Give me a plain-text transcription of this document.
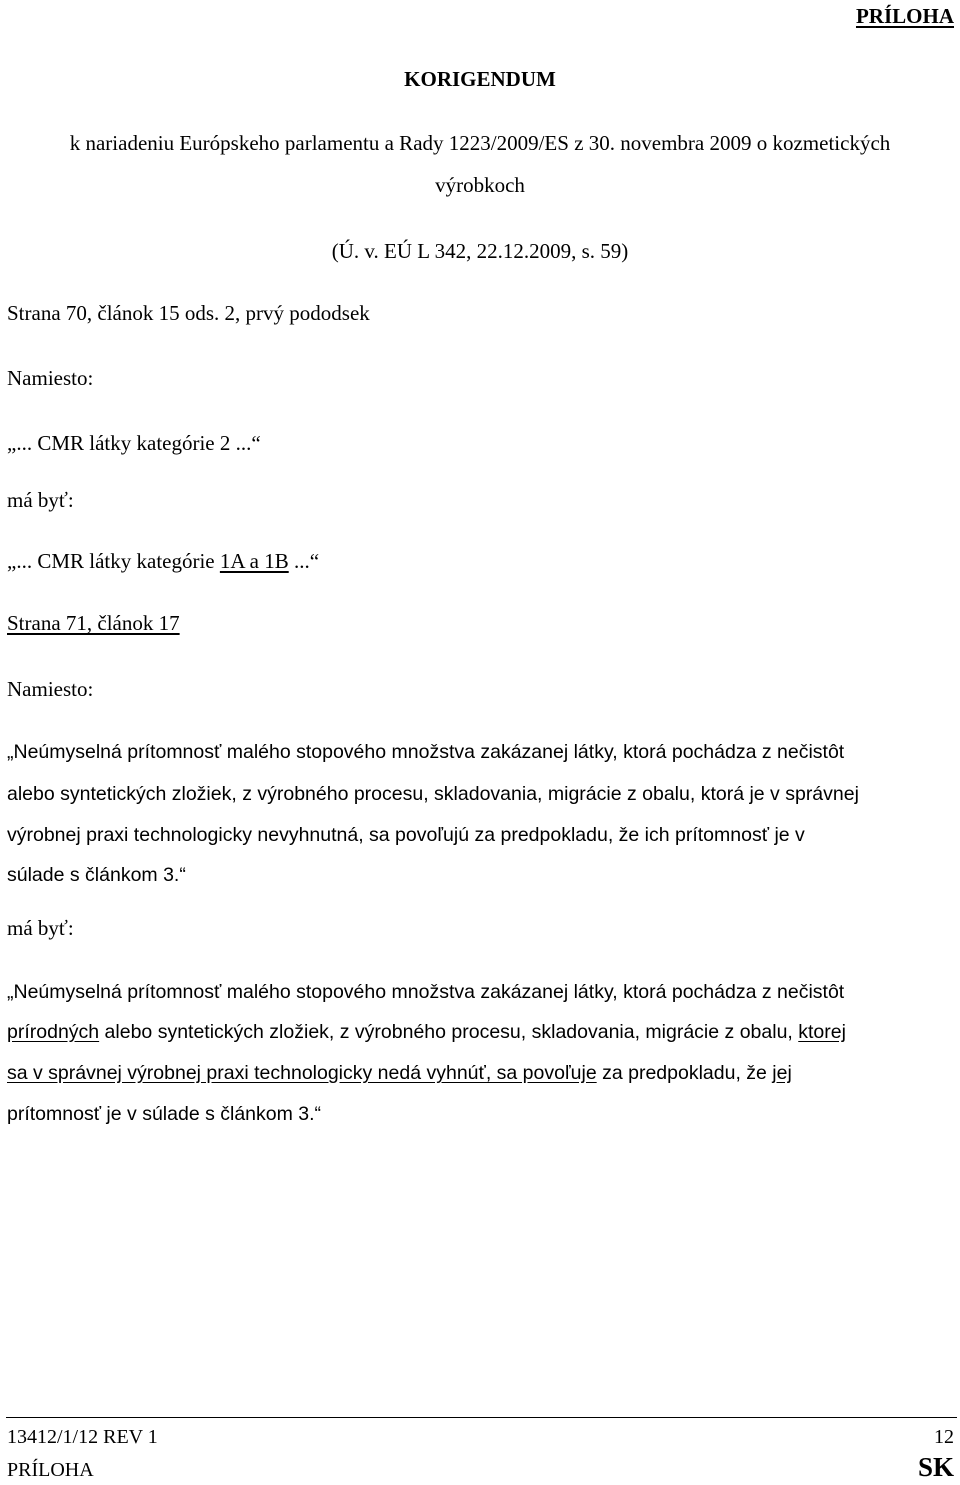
PRÍLOHA
KORIGENDUM
k nariadeniu Európskeho parlamentu a Rady 1223/2009/ES z 30. novembra 2009 o kozmetických
výrobkoch
(Ú. v. EÚ L 342, 22.12.2009, s. 59)
Strana 70, článok 15 ods. 2, prvý pododsek
Namiesto:
„... CMR látky kategórie 2 ...“
má byť:
„... CMR látky kategórie 1A a 1B ...“
Strana 71, článok 17
Namiesto:
„Neúmyselná prítomnosť malého stopového množstva zakázanej látky, ktorá pochádza z nečistôt
alebo syntetických zložiek, z výrobného procesu, skladovania, migrácie z obalu, ktorá je v správnej
výrobnej praxi technologicky nevyhnutná, sa povoľujú za predpokladu, že ich prítomnosť je v
súlade s článkom 3.“
má byť:
„Neúmyselná prítomnosť malého stopového množstva zakázanej látky, ktorá pochádza z nečistôt
prírodných alebo syntetických zložiek, z výrobného procesu, skladovania, migrácie z obalu, ktorej
sa v správnej výrobnej praxi technologicky nedá vyhnúť, sa povoľuje za predpokladu, že jej
prítomnosť je v súlade s článkom 3.“
13412/1/12 REV 1	12
PRÍLOHA	SK
